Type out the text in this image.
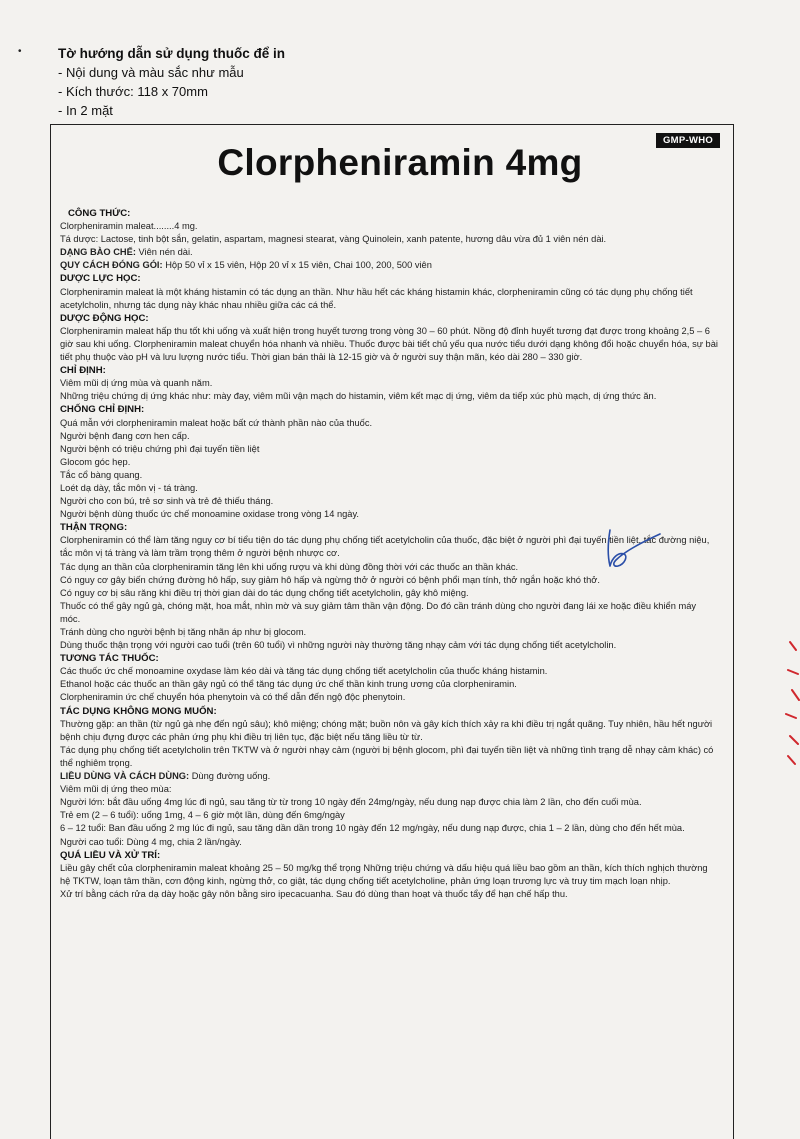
•	Tờ hướng dẫn sử dụng thuốc để in
- Nội dung và màu sắc như mẫu
- Kích thước: 118 x 70mm
- In 2 mặt
GMP-WHO
Clorpheniramin 4mg
CÔNG THỨC:
Clorpheniramin maleat........4 mg.
Tá dược: Lactose, tinh bột sắn, gelatin, aspartam, magnesi stearat, vàng Quinolein, xanh patente, hương dâu vừa đủ 1 viên nén dài.
DẠNG BÀO CHẾ: Viên nén dài.
QUY CÁCH ĐÓNG GÓI: Hộp 50 vỉ x 15 viên, Hộp 20 vỉ x 15 viên, Chai 100, 200, 500 viên
DƯỢC LỰC HỌC:
Clorpheniramin maleat là một kháng histamin có tác dụng an thần. Như hầu hết các kháng histamin khác, clorpheniramin cũng có tác dụng phụ chống tiết
acetylcholin, nhưng tác dụng này khác nhau nhiều giữa các cá thể.
DƯỢC ĐỘNG HỌC:
Clorpheniramin maleat hấp thu tốt khi uống và xuất hiện trong huyết tương trong vòng 30 – 60 phút. Nồng độ đỉnh huyết tương đạt được trong khoảng 2,5 – 6
giờ sau khi uống. Clorpheniramin maleat chuyển hóa nhanh và nhiều. Thuốc được bài tiết chủ yếu qua nước tiểu dưới dạng không đổi hoặc chuyển hóa, sự bài
tiết phụ thuộc vào pH và lưu lượng nước tiểu. Thời gian bán thải là 12-15 giờ và ở người suy thận mãn, kéo dài 280 – 330 giờ.
CHỈ ĐỊNH:
Viêm mũi dị ứng mùa và quanh năm.
Những triệu chứng dị ứng khác như: mày đay, viêm mũi vận mạch do histamin, viêm kết mạc dị ứng, viêm da tiếp xúc phù mạch, dị ứng thức ăn.
CHỐNG CHỈ ĐỊNH:
Quá mẫn với clorpheniramin maleat hoặc bất cứ thành phần nào của thuốc.
Người bệnh đang cơn hen cấp.
Người bệnh có triệu chứng phì đại tuyến tiền liệt
Glocom góc hẹp.
Tắc cổ bàng quang.
Loét dạ dày, tắc môn vị - tá tràng.
Người cho con bú, trẻ sơ sinh và trẻ đẻ thiếu tháng.
Người bệnh dùng thuốc ức chế monoamine oxidase trong vòng 14 ngày.
THẬN TRỌNG:
Clorpheniramin có thể làm tăng nguy cơ bí tiểu tiện do tác dụng phụ chống tiết acetylcholin của thuốc, đặc biệt ở người phì đại tuyến tiền liệt, tắc đường niệu,
tắc môn vị tá tràng và làm trầm trọng thêm ở người bệnh nhược cơ.
Tác dụng an thần của clorpheniramin tăng lên khi uống rượu và khi dùng đồng thời với các thuốc an thần khác.
Có nguy cơ gây biến chứng đường hô hấp, suy giảm hô hấp và ngừng thở ở người có bệnh phổi mạn tính, thở ngắn hoặc khó thở.
Có nguy cơ bị sâu răng khi điều trị thời gian dài do tác dụng chống tiết acetylcholin, gây khô miệng.
Thuốc có thể gây ngủ gà, chóng mặt, hoa mắt, nhìn mờ và suy giảm tâm thần vận động. Do đó cần tránh dùng cho người đang lái xe hoặc điều khiển máy
móc.
Tránh dùng cho người bệnh bị tăng nhãn áp như bị glocom.
Dùng thuốc thận trọng với người cao tuổi (trên 60 tuổi) vì những người này thường tăng nhạy cảm với tác dụng chống tiết acetylcholin.
TƯƠNG TÁC THUỐC:
Các thuốc ức chế monoamine oxydase làm kéo dài và tăng tác dụng chống tiết acetylcholin của thuốc kháng histamin.
Ethanol hoặc các thuốc an thần gây ngủ có thể tăng tác dụng ức chế thần kinh trung ương của clorpheniramin.
Clorpheniramin ức chế chuyển hóa phenytoin và có thể dẫn đến ngộ độc phenytoin.
TÁC DỤNG KHÔNG MONG MUỐN:
Thường gặp: an thần (từ ngủ gà nhẹ đến ngủ sâu); khô miệng; chóng mặt; buồn nôn và gây kích thích xảy ra khi điều trị ngắt quãng. Tuy nhiên, hầu hết người
bệnh chịu đựng được các phản ứng phụ khi điều trị liên tục, đặc biệt nếu tăng liều từ từ.
Tác dụng phụ chống tiết acetylcholin trên TKTW và ở người nhạy cảm (người bị bệnh glocom, phì đại tuyến tiền liệt và những tình trạng dễ nhạy cảm khác) có
thể nghiêm trọng.
LIỀU DÙNG VÀ CÁCH DÙNG: Dùng đường uống.
Viêm mũi dị ứng theo mùa:
Người lớn: bắt đầu uống 4mg lúc đi ngủ, sau tăng từ từ trong 10 ngày đến 24mg/ngày, nếu dung nạp được chia làm 2 lần, cho đến cuối mùa.
Trẻ em (2 – 6 tuổi): uống 1mg, 4 – 6 giờ một lần, dùng đến 6mg/ngày
6 – 12 tuổi: Ban đầu uống 2 mg lúc đi ngủ, sau tăng dần dần trong 10 ngày đến 12 mg/ngày, nếu dung nạp được, chia 1 – 2 lần, dùng cho đến hết mùa.
Người cao tuổi: Dùng 4 mg, chia 2 lần/ngày.
QUÁ LIỀU VÀ XỬ TRÍ:
Liều gây chết của clorpheniramin maleat khoảng 25 – 50 mg/kg thể trọng Những triệu chứng và dấu hiệu quá liều bao gồm an thần, kích thích nghịch thường
hệ TKTW, loạn tâm thần, cơn động kinh, ngừng thở, co giật, tác dụng chống tiết acetylcholine, phản ứng loạn trương lực và truy tim mạch loạn nhịp.
Xử trí bằng cách rửa dạ dày hoặc gây nôn bằng siro ipecacuanha. Sau đó dùng than hoạt và thuốc tẩy để hạn chế hấp thu.
